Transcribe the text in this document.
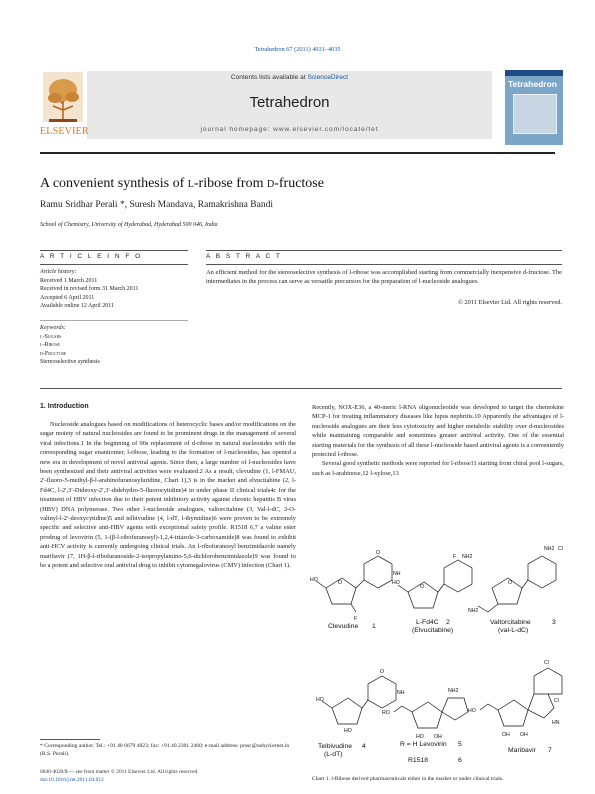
Tetrahedron 67 (2011) 4031–4035
Contents lists available at ScienceDirect
Tetrahedron
journal homepage: www.elsevier.com/locate/tet
ELSEVIER
Tetrahedron
A convenient synthesis of l-ribose from d-fructose
Ramu Sridhar Perali *, Suresh Mandava, Ramakrishna Bandi
School of Chemistry, University of Hyderabad, Hyderabad 500 046, India
A R T I C L E I N F O
Article history:
Received 1 March 2011
Received in revised form 31 March 2011
Accepted 6 April 2011
Available online 12 April 2011
Keywords:
l-Sugars
l-Ribose
d-Fructose
Stereoselective synthesis
A B S T R A C T
An efficient method for the stereoselective synthesis of l-ribose was accomplished starting from commercially inexpensive d-fructose. The intermediates in the process can serve as versatile precursors for the preparation of l-nucleoside analogues.
© 2011 Elsevier Ltd. All rights reserved.
1. Introduction

Nucleoside analogues based on modifications of heterocyclic bases and/or modifications on the sugar moiety of natural nucleosides are found to be prominent drugs in the management of several viral infections.1 In the beginning of 90s replacement of d-ribose in natural nucleosides with the corresponding sugar enantiomer, l-ribose, leading to the formation of l-nucleosides, has opened a new era in development of novel antiviral agents. Since then, a large number of l-nucleosides have been synthesized and their antiviral activities were evaluated.2 As a result, clevudine (1, l-FMAU, 2′-fluoro-5-methyl-β-l-arabinofuranosyluridine, Chart 1),3 is in the market and elvucitabine (2, l-Fd4C, l-2′,3′-Dideoxy-2′,3′-didehydro-5-fluorocytidine)4 in under phase II clinical trials4c for the treatment of HBV infection due to their potent inhibitory activity against chronic hepatitis B virus (HBV) DNA polymerase. Two other l-nucleoside analogues, valtorcitabine (3, Val-l-dC, 3-O-valinyl-l-2′-deoxycytidine)5 and telbivudine (4, l-dT, l-thymidine)6 were proven to be extremely specific and selective anti-HBV agents with exceptional safety profile. R1518 6,7 a valine ester prodrug of levovirin (5, 1-(β-l-ribofuranosyl)-1,2,4-triazole-3-carboxamide)8 was found to exhibit anti-HCV activity is currently undergoing clinical trials. An l-ribofuranosyl benzimidazole namely maribavir (7, 1H-β-l-ribofuranoside-2-isopropylamino-5,6-dichlorobenzimidazole)9 was found to be a potent and selective oral antiviral drug to inhibit cytomegalovirus (CMV) infection (Chart 1).

Recently, NOX-E36, a 40-meric l-RNA oligonucleotide was developed to target the chemokine MCP-1 for treating inflammatory diseases like lupus nephritis.10 Apparently the advantages of l-nucleoside analogues are their less cytotoxicity and higher metabolic stability over d-nucleosides while maintaining comparable and sometimes greater antiviral activity. One of the essential starting materials for the synthesis of all these l-nucleoside based antiviral agents is a conveniently protected l-ribose.

Several good synthetic methods were reported for l-ribose11 starting from chiral pool l-sugars, such as l-arabinose,12 l-xylose,13

* Corresponding author. Tel.: +91 40 6679 4823; fax: +91 40 2301 2460; e-mail address: prssc@uohyd.ernet.in (R.S. Perali).
0040-4020/$ — see front matter © 2011 Elsevier Ltd. All rights reserved.
doi:10.1016/j.tet.2011.04.012
HO	O
F
O
NH
HO
F NH2
O
O
NH2 Cl
NH2
HO
HO
O
NH
RO
NH2
HO OH
HO
Cl
Cl
HN
OH OH
Clevudine 1
L-Fd4C 2
(Elvucitabine)
Valtorcitabine	3
(val-L-dC)
Telbivudine 4
(L-dT)
R = H Levovirin 5
R1518	6
Maribavir 7
Chart 1. l-Ribose derived pharmaceuticals either in the market or under clinical trials.
